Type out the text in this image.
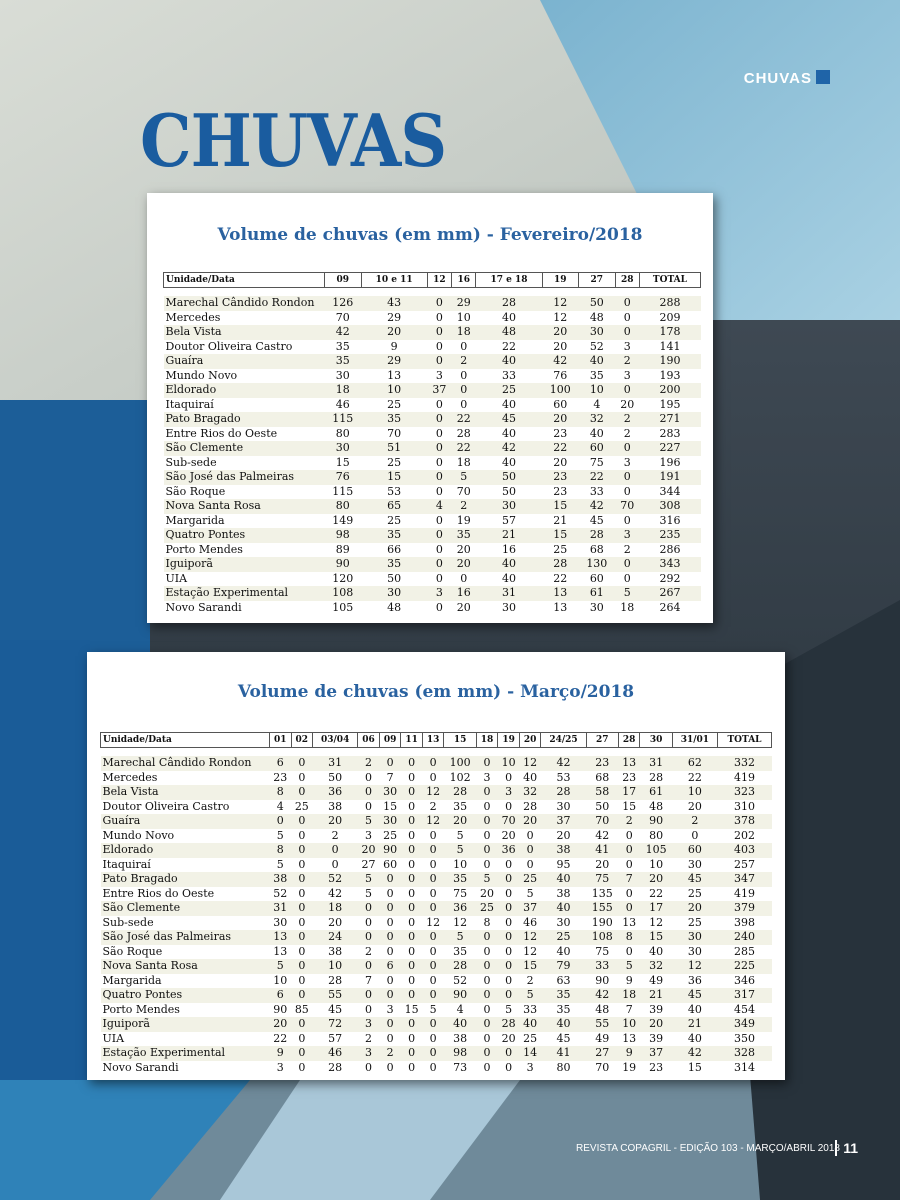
CHUVAS
CHUVAS
Volume de chuvas (em mm) - Fevereiro/2018
Unidade/Data	09	10 e 11	12	16	17 e 18	19	27	28	TOTAL

Marechal Cândido Rondon	126	43	0	29	28	12	50	0	288
Mercedes	70	29	0	10	40	12	48	0	209
Bela Vista	42	20	0	18	48	20	30	0	178
Doutor Oliveira Castro	35	9	0	0	22	20	52	3	141
Guaíra	35	29	0	2	40	42	40	2	190
Mundo Novo	30	13	3	0	33	76	35	3	193
Eldorado	18	10	37	0	25	100	10	0	200
Itaquiraí	46	25	0	0	40	60	4	20	195
Pato Bragado	115	35	0	22	45	20	32	2	271
Entre Rios do Oeste	80	70	0	28	40	23	40	2	283
São Clemente	30	51	0	22	42	22	60	0	227
Sub-sede	15	25	0	18	40	20	75	3	196
São José das Palmeiras	76	15	0	5	50	23	22	0	191
São Roque	115	53	0	70	50	23	33	0	344
Nova Santa Rosa	80	65	4	2	30	15	42	70	308
Margarida	149	25	0	19	57	21	45	0	316
Quatro Pontes	98	35	0	35	21	15	28	3	235
Porto Mendes	89	66	0	20	16	25	68	2	286
Iguiporã	90	35	0	20	40	28	130	0	343
UIA	120	50	0	0	40	22	60	0	292
Estação Experimental	108	30	3	16	31	13	61	5	267
Novo Sarandi	105	48	0	20	30	13	30	18	264
Volume de chuvas (em mm) - Março/2018
Unidade/Data	01	02	03/04	06	09	11	13	15	18	19	20	24/25	27	28	30	31/01	TOTAL

Marechal Cândido Rondon	6	0	31	2	0	0	0	100	0	10	12	42	23	13	31	62	332
Mercedes	23	0	50	0	7	0	0	102	3	0	40	53	68	23	28	22	419
Bela Vista	8	0	36	0	30	0	12	28	0	3	32	28	58	17	61	10	323
Doutor Oliveira Castro	4	25	38	0	15	0	2	35	0	0	28	30	50	15	48	20	310
Guaíra	0	0	20	5	30	0	12	20	0	70	20	37	70	2	90	2	378
Mundo Novo	5	0	2	3	25	0	0	5	0	20	0	20	42	0	80	0	202
Eldorado	8	0	0	20	90	0	0	5	0	36	0	38	41	0	105	60	403
Itaquiraí	5	0	0	27	60	0	0	10	0	0	0	95	20	0	10	30	257
Pato Bragado	38	0	52	5	0	0	0	35	5	0	25	40	75	7	20	45	347
Entre Rios do Oeste	52	0	42	5	0	0	0	75	20	0	5	38	135	0	22	25	419
São Clemente	31	0	18	0	0	0	0	36	25	0	37	40	155	0	17	20	379
Sub-sede	30	0	20	0	0	0	12	12	8	0	46	30	190	13	12	25	398
São José das Palmeiras	13	0	24	0	0	0	0	5	0	0	12	25	108	8	15	30	240
São Roque	13	0	38	2	0	0	0	35	0	0	12	40	75	0	40	30	285
Nova Santa Rosa	5	0	10	0	6	0	0	28	0	0	15	79	33	5	32	12	225
Margarida	10	0	28	7	0	0	0	52	0	0	2	63	90	9	49	36	346
Quatro Pontes	6	0	55	0	0	0	0	90	0	0	5	35	42	18	21	45	317
Porto Mendes	90	85	45	0	3	15	5	4	0	5	33	35	48	7	39	40	454
Iguiporã	20	0	72	3	0	0	0	40	0	28	40	40	55	10	20	21	349
UIA	22	0	57	2	0	0	0	38	0	20	25	45	49	13	39	40	350
Estação Experimental	9	0	46	3	2	0	0	98	0	0	14	41	27	9	37	42	328
Novo Sarandi	3	0	28	0	0	0	0	73	0	0	3	80	70	19	23	15	314
REVISTA COPAGRIL - EDIÇÃO 103 - MARÇO/ABRIL 2018 11
